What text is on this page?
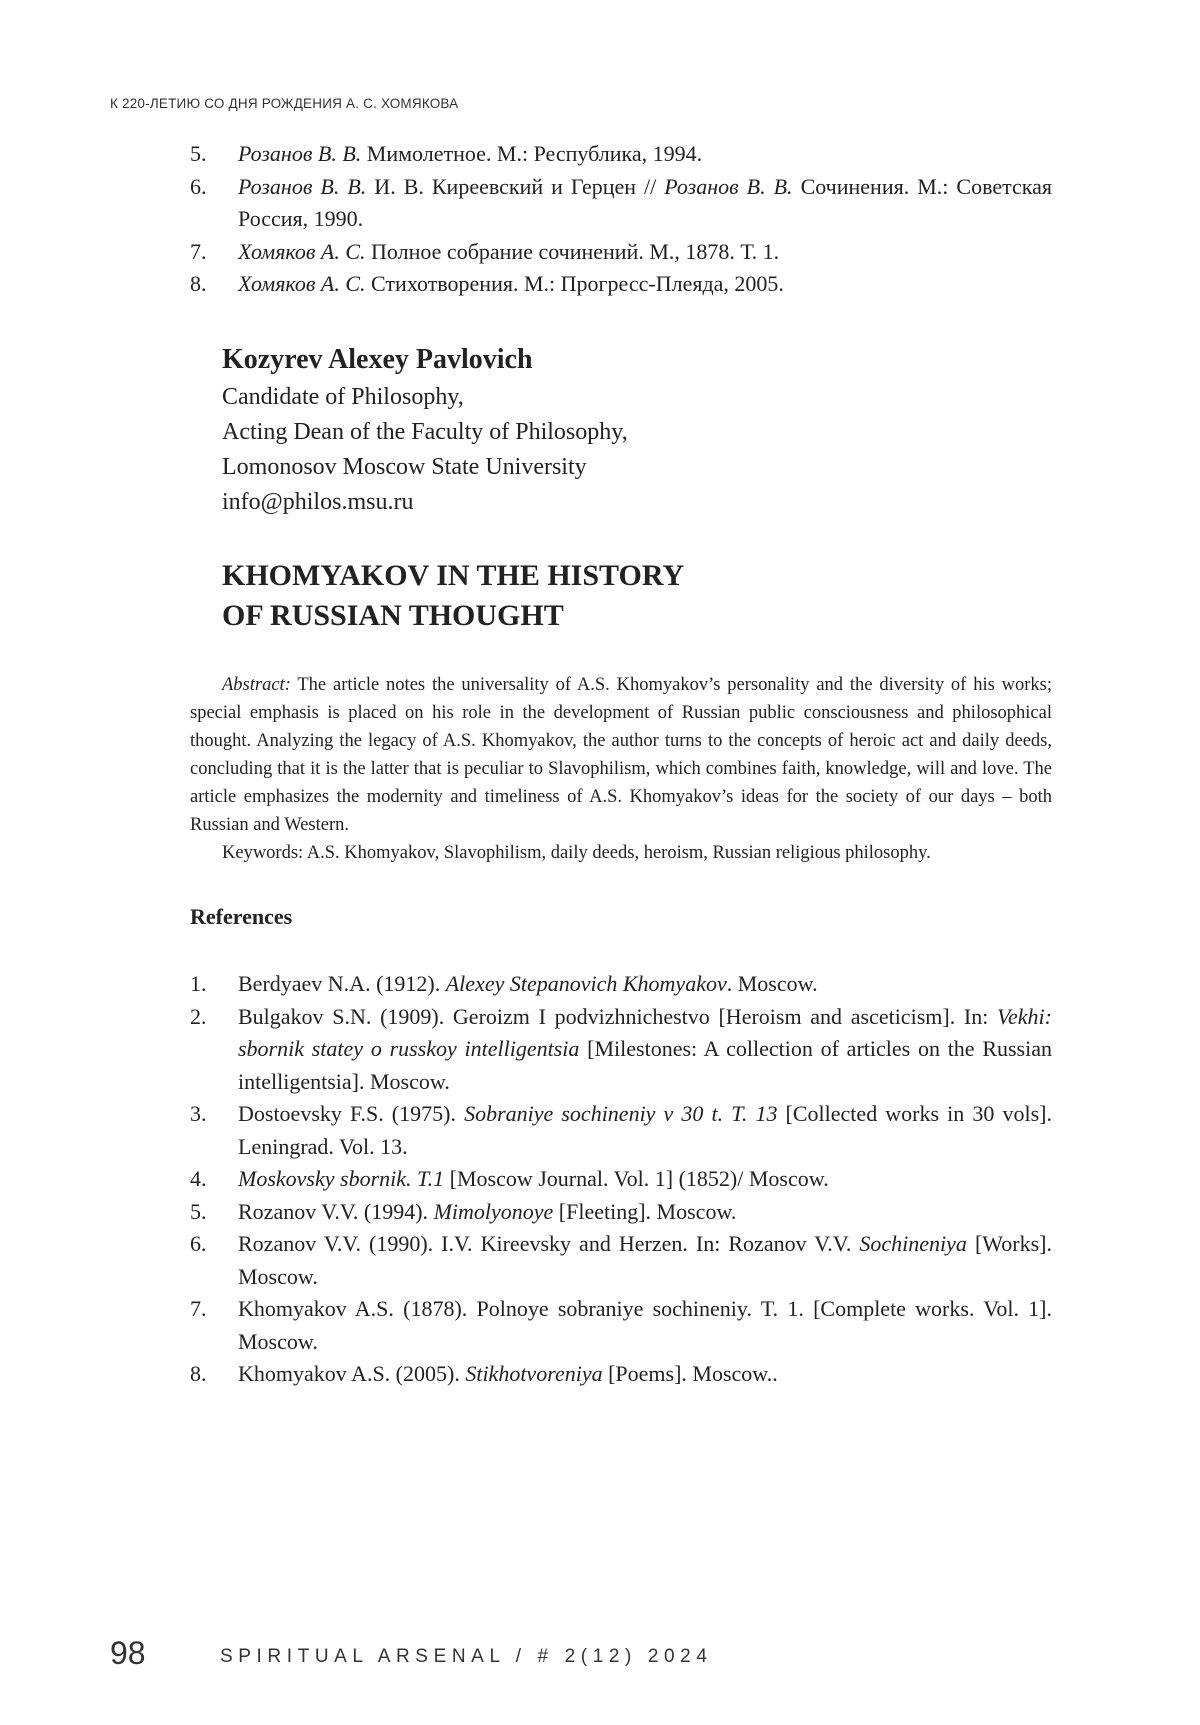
К 220-ЛЕТИЮ СО ДНЯ РОЖДЕНИЯ А. С. ХОМЯКОВА
5. Розанов В. В. Мимолетное. М.: Республика, 1994.
6. Розанов В. В. И. В. Киреевский и Герцен // Розанов В. В. Сочинения. М.: Советская Россия, 1990.
7. Хомяков А. С. Полное собрание сочинений. М., 1878. Т. 1.
8. Хомяков А. С. Стихотворения. М.: Прогресс-Плеяда, 2005.
Kozyrev Alexey Pavlovich
Candidate of Philosophy,
Acting Dean of the Faculty of Philosophy,
Lomonosov Moscow State University
info@philos.msu.ru
KHOMYAKOV IN THE HISTORY
OF RUSSIAN THOUGHT

Abstract: The article notes the universality of A.S. Khomyakov’s personality and the diversity of his works; special emphasis is placed on his role in the development of Russian public consciousness and philosophical thought. Analyzing the legacy of A.S. Khomyakov, the author turns to the concepts of heroic act and daily deeds, concluding that it is the latter that is peculiar to Slavophilism, which combines faith, knowledge, will and love. The article emphasizes the modernity and timeliness of A.S. Khomyakov’s ideas for the society of our days – both Russian and Western.

Keywords: A.S. Khomyakov, Slavophilism, daily deeds, heroism, Russian religious philosophy.

References
1. Berdyaev N.A. (1912). Alexey Stepanovich Khomyakov. Moscow.
2. Bulgakov S.N. (1909). Geroizm I podvizhnichestvo [Heroism and asceticism]. In: Vekhi: sbornik statey o russkoy intelligentsia [Milestones: A collection of articles on the Russian intelligentsia]. Moscow.
3. Dostoevsky F.S. (1975). Sobraniye sochineniy v 30 t. T. 13 [Collected works in 30 vols]. Leningrad. Vol. 13.
4. Moskovsky sbornik. T.1 [Moscow Journal. Vol. 1] (1852)/ Moscow.
5. Rozanov V.V. (1994). Mimolyonoye [Fleeting]. Moscow.
6. Rozanov V.V. (1990). I.V. Kireevsky and Herzen. In: Rozanov V.V. Sochineniya [Works]. Moscow.
7. Khomyakov A.S. (1878). Polnoye sobraniye sochineniy. T. 1. [Complete works. Vol. 1]. Moscow.
8. Khomyakov A.S. (2005). Stikhotvoreniya [Poems]. Moscow..
98	SPIRITUAL ARSENAL / # 2(12) 2024
